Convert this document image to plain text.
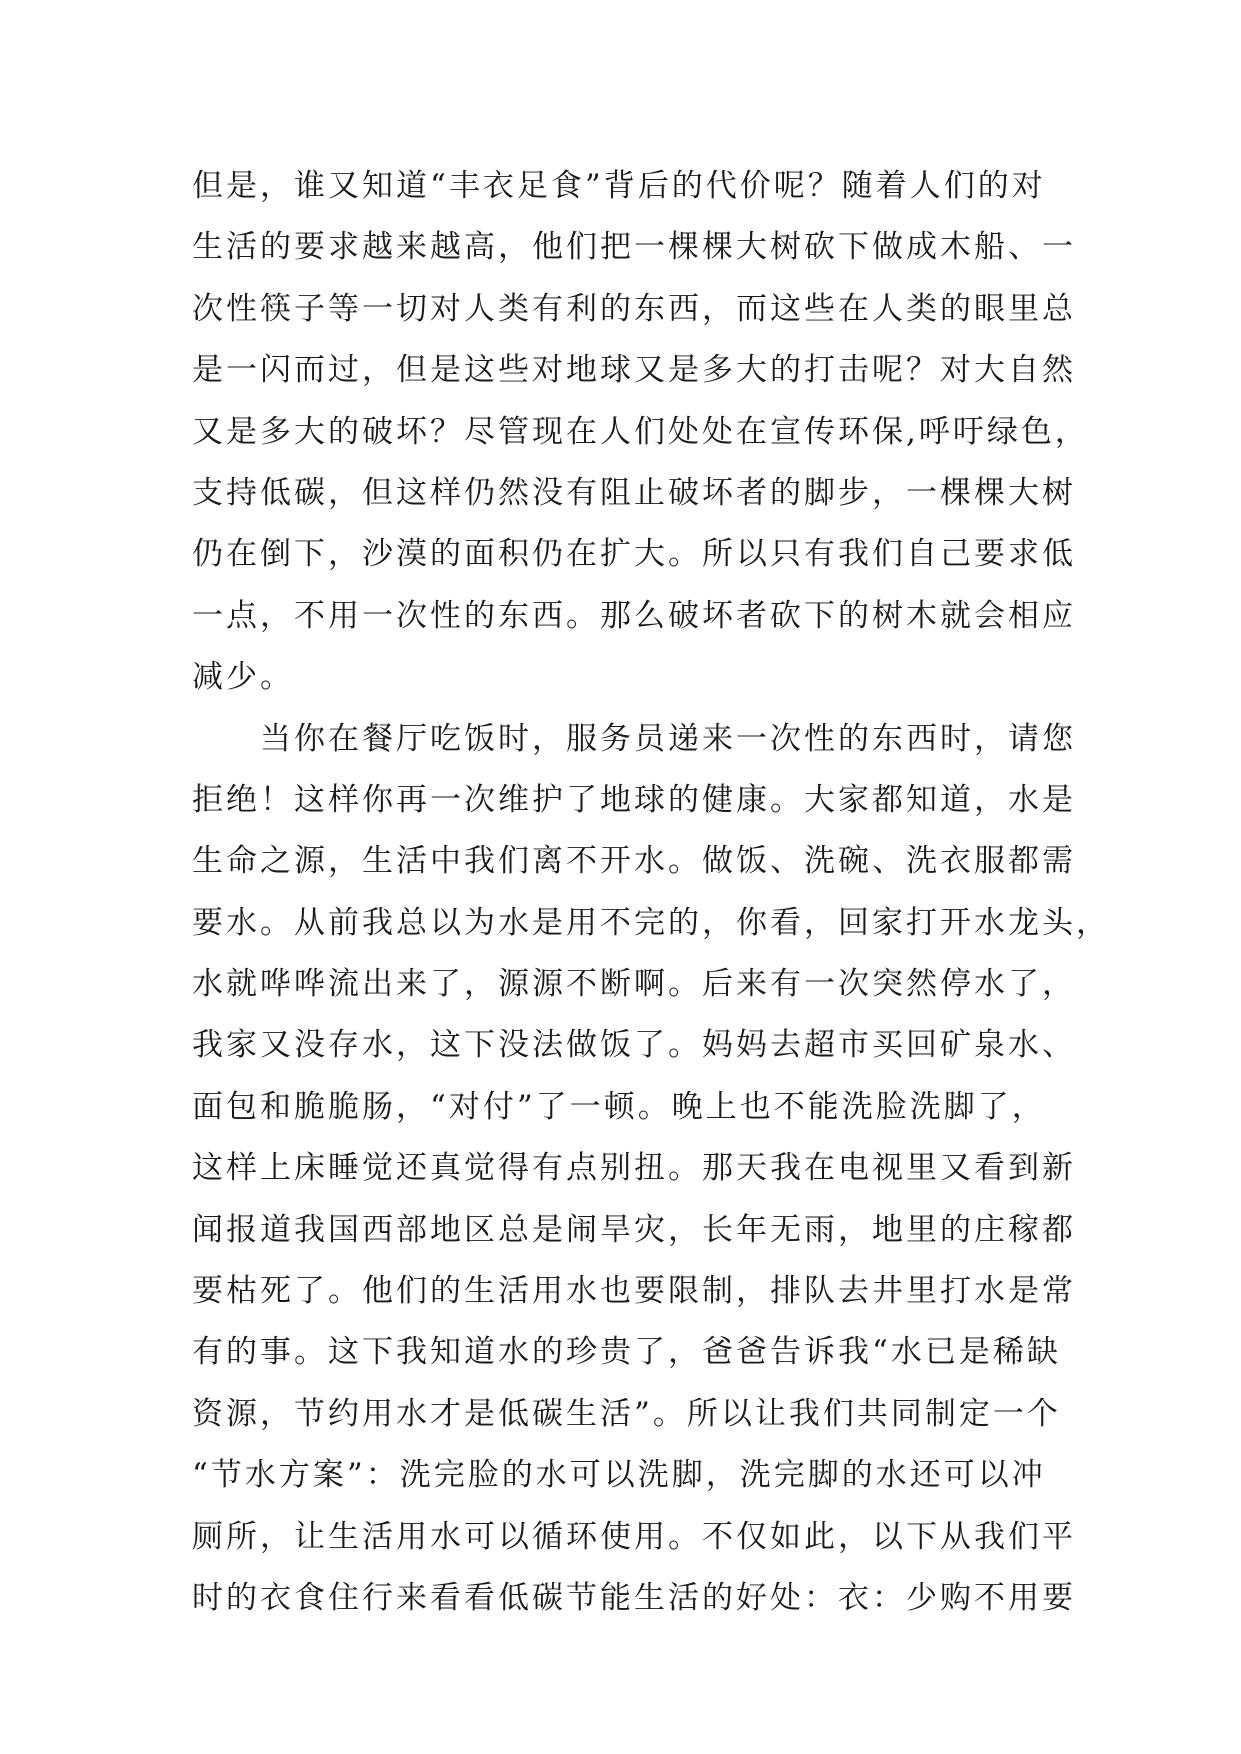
但是，谁又知道“丰衣足食”背后的代价呢？随着人们的对
生活的要求越来越高，他们把一棵棵大树砍下做成木船、一
次性筷子等一切对人类有利的东西，而这些在人类的眼里总
是一闪而过，但是这些对地球又是多大的打击呢？对大自然
又是多大的破坏？尽管现在人们处处在宣传环保,呼吁绿色，
支持低碳，但这样仍然没有阻止破坏者的脚步，一棵棵大树
仍在倒下，沙漠的面积仍在扩大。所以只有我们自己要求低
一点，不用一次性的东西。那么破坏者砍下的树木就会相应
减少。
当你在餐厅吃饭时，服务员递来一次性的东西时，请您
拒绝！这样你再一次维护了地球的健康。大家都知道，水是
生命之源，生活中我们离不开水。做饭、洗碗、洗衣服都需
要水。从前我总以为水是用不完的，你看，回家打开水龙头，
水就哗哗流出来了，源源不断啊。后来有一次突然停水了，
我家又没存水，这下没法做饭了。妈妈去超市买回矿泉水、
面包和脆脆肠，“对付”了一顿。晚上也不能洗脸洗脚了，
这样上床睡觉还真觉得有点别扭。那天我在电视里又看到新
闻报道我国西部地区总是闹旱灾，长年无雨，地里的庄稼都
要枯死了。他们的生活用水也要限制，排队去井里打水是常
有的事。这下我知道水的珍贵了，爸爸告诉我“水已是稀缺
资源，节约用水才是低碳生活”。所以让我们共同制定一个
“节水方案”：洗完脸的水可以洗脚，洗完脚的水还可以冲
厕所，让生活用水可以循环使用。不仅如此，以下从我们平
时的衣食住行来看看低碳节能生活的好处：衣：少购不用要
